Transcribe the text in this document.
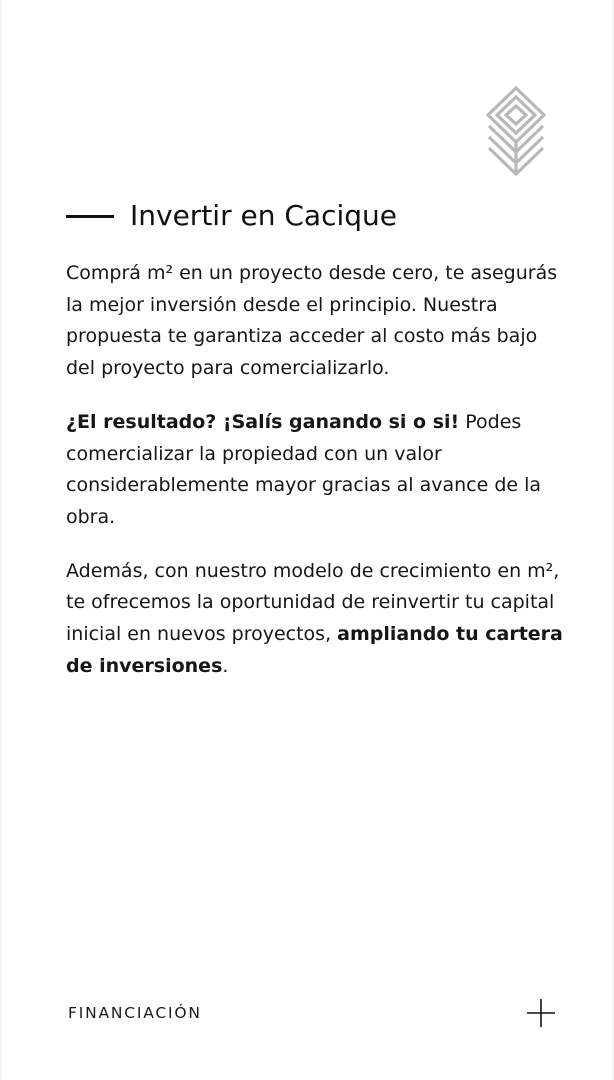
Invertir en Cacique

Comprá m² en un proyecto desde cero, te asegurás la mejor inversión desde el principio. Nuestra propuesta te garantiza acceder al costo más bajo del proyecto para comercializarlo.

¿El resultado? ¡Salís ganando si o si! Podes comercializar la propiedad con un valor considerablemente mayor gracias al avance de la obra.

Además, con nuestro modelo de crecimiento en m², te ofrecemos la oportunidad de reinvertir tu capital inicial en nuevos proyectos, ampliando tu cartera de inversiones.

FINANCIACIÓN
